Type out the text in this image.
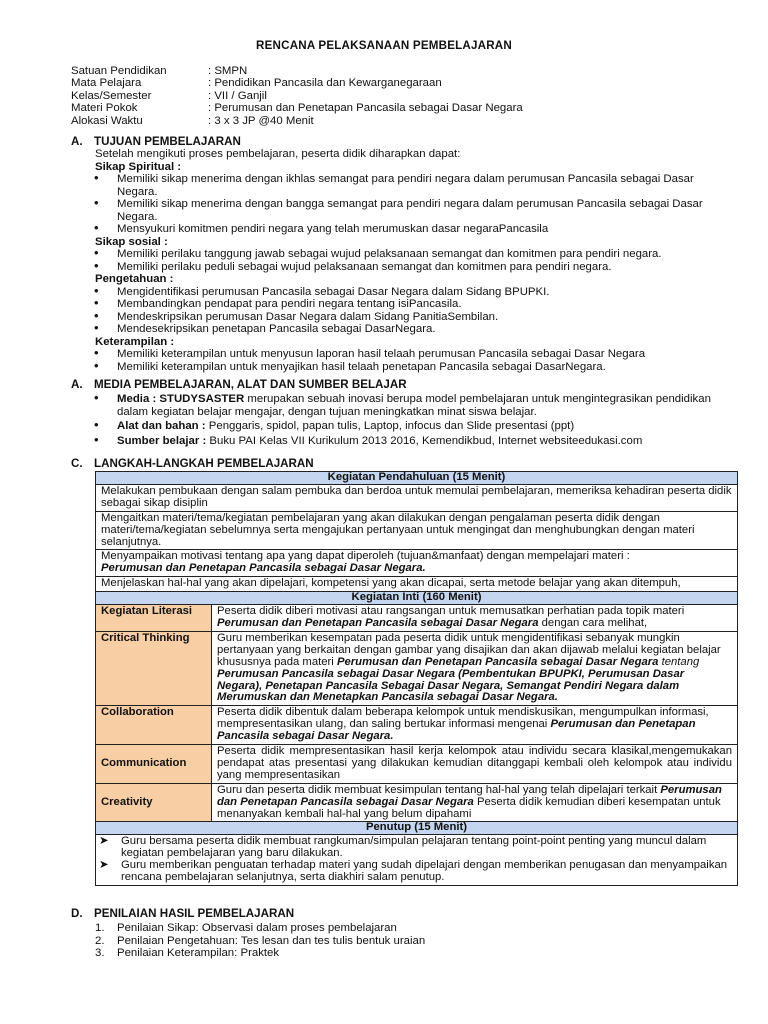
RENCANA PELAKSANAAN PEMBELAJARAN
Satuan Pendidikan	: SMPN
Mata Pelajara	: Pendidikan Pancasila dan Kewarganegaraan
Kelas/Semester	: VII / Ganjil
Materi Pokok	: Perumusan dan Penetapan Pancasila sebagai Dasar Negara
Alokasi Waktu	: 3 x 3 JP @40 Menit
A. TUJUAN PEMBELAJARAN
Setelah mengikuti proses pembelajaran, peserta didik diharapkan dapat:
Sikap Spiritual :
• Memiliki sikap menerima dengan ikhlas semangat para pendiri negara dalam perumusan Pancasila sebagai Dasar Negara.
• Memiliki sikap menerima dengan bangga semangat para pendiri negara dalam perumusan Pancasila sebagai Dasar Negara.
• Mensyukuri komitmen pendiri negara yang telah merumuskan dasar negaraPancasila
Sikap sosial :
• Memiliki perilaku tanggung jawab sebagai wujud pelaksanaan semangat dan komitmen para pendiri negara.
• Memiliki perilaku peduli sebagai wujud pelaksanaan semangat dan komitmen para pendiri negara.
Pengetahuan :
• Mengidentifikasi perumusan Pancasila sebagai Dasar Negara dalam Sidang BPUPKI.
• Membandingkan pendapat para pendiri negara tentang isiPancasila.
• Mendeskripsikan perumusan Dasar Negara dalam Sidang PanitiaSembilan.
• Mendesekripsikan penetapan Pancasila sebagai DasarNegara.
Keterampilan :
• Memiliki keterampilan untuk menyusun laporan hasil telaah perumusan Pancasila sebagai Dasar Negara
• Memiliki keterampilan untuk menyajikan hasil telaah penetapan Pancasila sebagai DasarNegara.
A. MEDIA PEMBELAJARAN, ALAT DAN SUMBER BELAJAR
• Media : STUDYSASTER merupakan sebuah inovasi berupa model pembelajaran untuk mengintegrasikan pendidikan dalam kegiatan belajar mengajar, dengan tujuan meningkatkan minat siswa belajar.
• Alat dan bahan : Penggaris, spidol, papan tulis, Laptop, infocus dan Slide presentasi (ppt)
• Sumber belajar : Buku PAI Kelas VII Kurikulum 2013 2016, Kemendikbud, Internet websiteedukasi.com
C. LANGKAH-LANGKAH PEMBELAJARAN
Kegiatan Pendahuluan (15 Menit)	
Melakukan pembukaan dengan salam pembuka dan berdoa untuk memulai pembelajaran, memeriksa kehadiran peserta didik sebagai sikap disiplin	
Mengaitkan materi/tema/kegiatan pembelajaran yang akan dilakukan dengan pengalaman peserta didik dengan materi/tema/kegiatan sebelumnya serta mengajukan pertanyaan untuk mengingat dan menghubungkan dengan materi selanjutnya.	
Menyampaikan motivasi tentang apa yang dapat diperoleh (tujuan&manfaat) dengan mempelajari materi :
Perumusan dan Penetapan Pancasila sebagai Dasar Negara.	
Menjelaskan hal-hal yang akan dipelajari, kompetensi yang akan dicapai, serta metode belajar yang akan ditempuh,	
Kegiatan Inti (160 Menit)	
Kegiatan Literasi	Peserta didik diberi motivasi atau rangsangan untuk memusatkan perhatian pada topik materi
Perumusan dan Penetapan Pancasila sebagai Dasar Negara dengan cara melihat,
Critical Thinking	Guru memberikan kesempatan pada peserta didik untuk mengidentifikasi sebanyak mungkin pertanyaan yang berkaitan dengan gambar yang disajikan dan akan dijawab melalui kegiatan belajar khususnya pada materi Perumusan dan Penetapan Pancasila sebagai Dasar Negara tentang Perumusan Pancasila sebagai Dasar Negara (Pembentukan BPUPKI, Perumusan Dasar Negara), Penetapan Pancasila Sebagai Dasar Negara, Semangat Pendiri Negara dalam Merumuskan dan Menetapkan Pancasila sebagai Dasar Negara.
Collaboration	Peserta didik dibentuk dalam beberapa kelompok untuk mendiskusikan, mengumpulkan informasi, mempresentasikan ulang, dan saling bertukar informasi mengenai Perumusan dan Penetapan Pancasila sebagai Dasar Negara.
Communication	Peserta didik mempresentasikan hasil kerja kelompok atau individu secara klasikal,mengemukakan pendapat atas presentasi yang dilakukan kemudian ditanggapi kembali oleh kelompok atau individu yang mempresentasikan
Creativity	Guru dan peserta didik membuat kesimpulan tentang hal-hal yang telah dipelajari terkait Perumusan dan Penetapan Pancasila sebagai Dasar Negara Peserta didik kemudian diberi kesempatan untuk menanyakan kembali hal-hal yang belum dipahami
Penutup (15 Menit)	

➤ Guru bersama peserta didik membuat rangkuman/simpulan pelajaran tentang point-point penting yang muncul dalam kegiatan pembelajaran yang baru dilakukan.
➤ Guru memberikan penguatan terhadap materi yang sudah dipelajari dengan memberikan penugasan dan menyampaikan rencana pembelajaran selanjutnya, serta diakhiri salam penutup.	
D. PENILAIAN HASIL PEMBELAJARAN
1. Penilaian Sikap: Observasi dalam proses pembelajaran
2. Penilaian Pengetahuan: Tes lesan dan tes tulis bentuk uraian
3. Penilaian Keterampilan: Praktek
